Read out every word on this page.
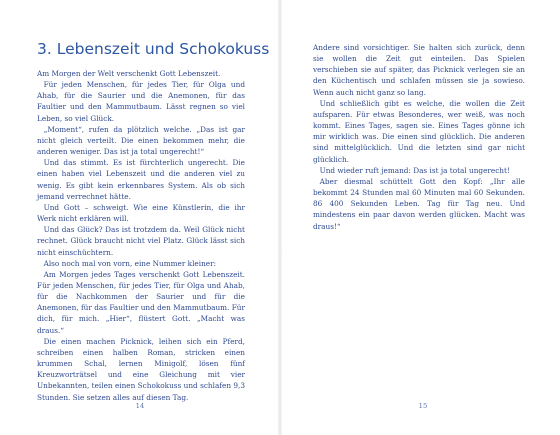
3. Lebenszeit und Schokokuss

Am Morgen der Welt verschenkt Gott Lebenszeit.

Für jeden Menschen, für jedes Tier, für Olga und Ahab, für die Saurier und die Anemonen, für das Faultier und den Mammutbaum. Lässt regnen so viel Leben, so viel Glück.

„Moment“, rufen da plötzlich welche. „Das ist gar nicht gleich verteilt. Die einen bekommen mehr, die anderen weniger. Das ist ja total ungerecht!“

Und das stimmt. Es ist fürchterlich ungerecht. Die einen haben viel Lebenszeit und die anderen viel zu wenig. Es gibt kein erkennbares System. Als ob sich jemand verrechnet hätte.

Und Gott – schweigt. Wie eine Künstlerin, die ihr Werk nicht erklären will.

Und das Glück? Das ist trotzdem da. Weil Glück nicht rechnet. Glück braucht nicht viel Platz. Glück lässt sich nicht einschüchtern.

Also noch mal von vorn, eine Nummer kleiner:

Am Morgen jedes Tages verschenkt Gott Lebenszeit. Für jeden Menschen, für jedes Tier, für Olga und Ahab, für die Nachkommen der Saurier und für die Anemonen, für das Faultier und den Mammutbaum. Für dich, für mich. „Hier“, flüstert Gott. „Macht was draus.“

Die einen machen Picknick, leihen sich ein Pferd, schreiben einen halben Roman, stricken einen krummen Schal, lernen Minigolf, lösen fünf Kreuzworträtsel und eine Gleichung mit vier Unbekannten, teilen einen Schokokuss und schlafen 9,3 Stunden. Sie setzen alles auf diesen Tag.

14

Andere sind vorsichtiger. Sie halten sich zurück, denn sie wollen die Zeit gut einteilen. Das Spielen verschieben sie auf später, das Picknick verlegen sie an den Küchentisch und schlafen müssen sie ja sowieso. Wenn auch nicht ganz so lang.

Und schließlich gibt es welche, die wollen die Zeit aufsparen. Für etwas Besonderes, wer weiß, was noch kommt. Eines Tages, sagen sie. Eines Tages gönne ich mir wirklich was. Die einen sind glücklich. Die anderen sind mittelglücklich. Und die letzten sind gar nicht glücklich.

Und wieder ruft jemand: Das ist ja total ungerecht!

Aber diesmal schüttelt Gott den Kopf: „Ihr alle bekommt 24 Stunden mal 60 Minuten mal 60 Sekunden. 86 400 Sekunden Leben. Tag für Tag neu. Und mindestens ein paar davon werden glücken. Macht was draus!“

15
